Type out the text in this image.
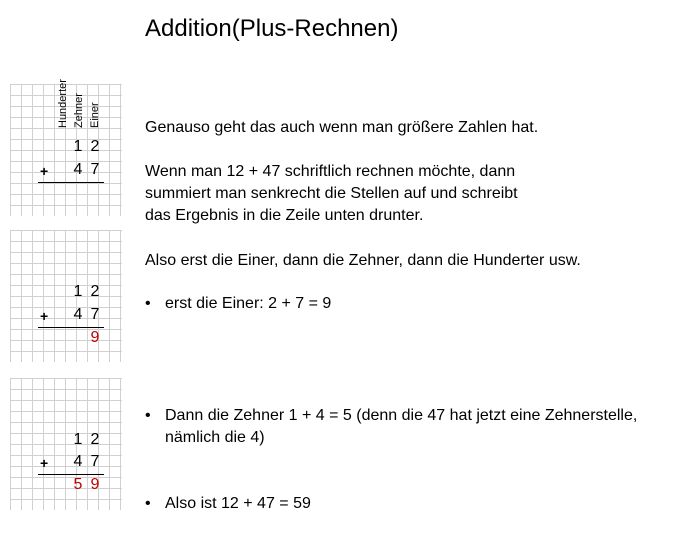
Addition(Plus-Rechnen)
Hunderter Zehner Einer
1 2
+ 4 7
1 2
+ 4 7
9
1 2
+ 4 7
5 9
Genauso geht das auch wenn man größere Zahlen hat.
Wenn man 12 + 47 schriftlich rechnen möchte, dann
summiert man senkrecht die Stellen auf und schreibt
das Ergebnis in die Zeile unten drunter.
Also erst die Einer, dann die Zehner, dann die Hunderter usw.
• erst die Einer: 2 + 7 = 9
• Dann die Zehner 1 + 4 = 5 (denn die 47 hat jetzt eine Zehnerstelle,
nämlich die 4)
• Also ist 12 + 47 = 59
